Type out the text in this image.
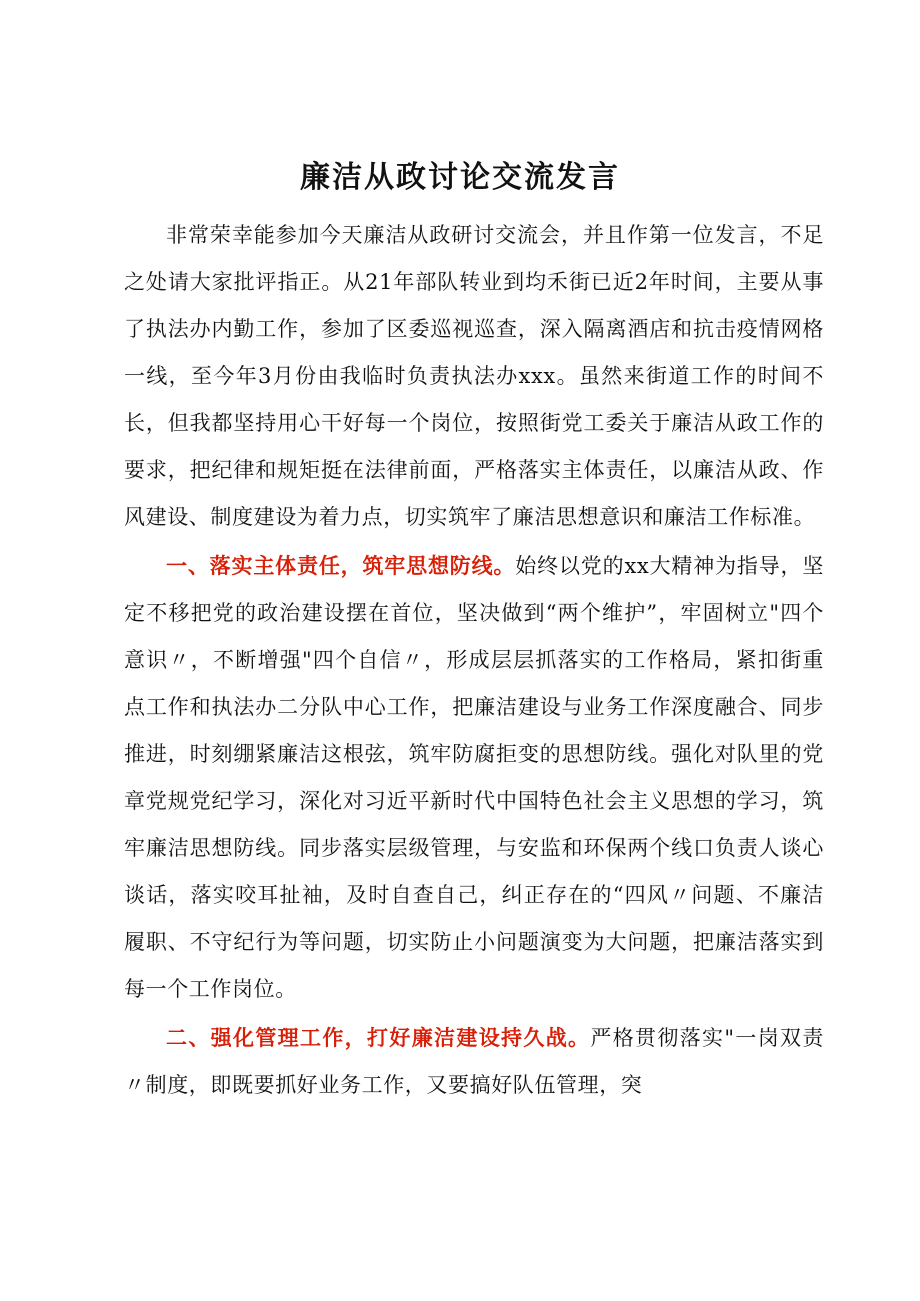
廉洁从政讨论交流发言

非常荣幸能参加今天廉洁从政研讨交流会，并且作第一位发言，不足之处请大家批评指正。从21年部队转业到均禾街已近2年时间，主要从事了执法办内勤工作，参加了区委巡视巡查，深入隔离酒店和抗击疫情网格一线，至今年3月份由我临时负责执法办xxx。虽然来街道工作的时间不长，但我都坚持用心干好每一个岗位，按照街党工委关于廉洁从政工作的要求，把纪律和规矩挺在法律前面，严格落实主体责任，以廉洁从政、作风建设、制度建设为着力点，切实筑牢了廉洁思想意识和廉洁工作标准。

一、落实主体责任，筑牢思想防线。始终以党的xx大精神为指导，坚定不移把党的政治建设摆在首位，坚决做到“两个维护”，牢固树立"四个意识〃，不断增强"四个自信〃，形成层层抓落实的工作格局，紧扣街重点工作和执法办二分队中心工作，把廉洁建设与业务工作深度融合、同步推进，时刻绷紧廉洁这根弦，筑牢防腐拒变的思想防线。强化对队里的党章党规党纪学习，深化对习近平新时代中国特色社会主义思想的学习，筑牢廉洁思想防线。同步落实层级管理，与安监和环保两个线口负责人谈心谈话，落实咬耳扯袖，及时自查自己，纠正存在的“四风〃问题、不廉洁履职、不守纪行为等问题，切实防止小问题演变为大问题，把廉洁落实到每一个工作岗位。

二、强化管理工作，打好廉洁建设持久战。严格贯彻落实"一岗双责〃制度，即既要抓好业务工作，又要搞好队伍管理，突
